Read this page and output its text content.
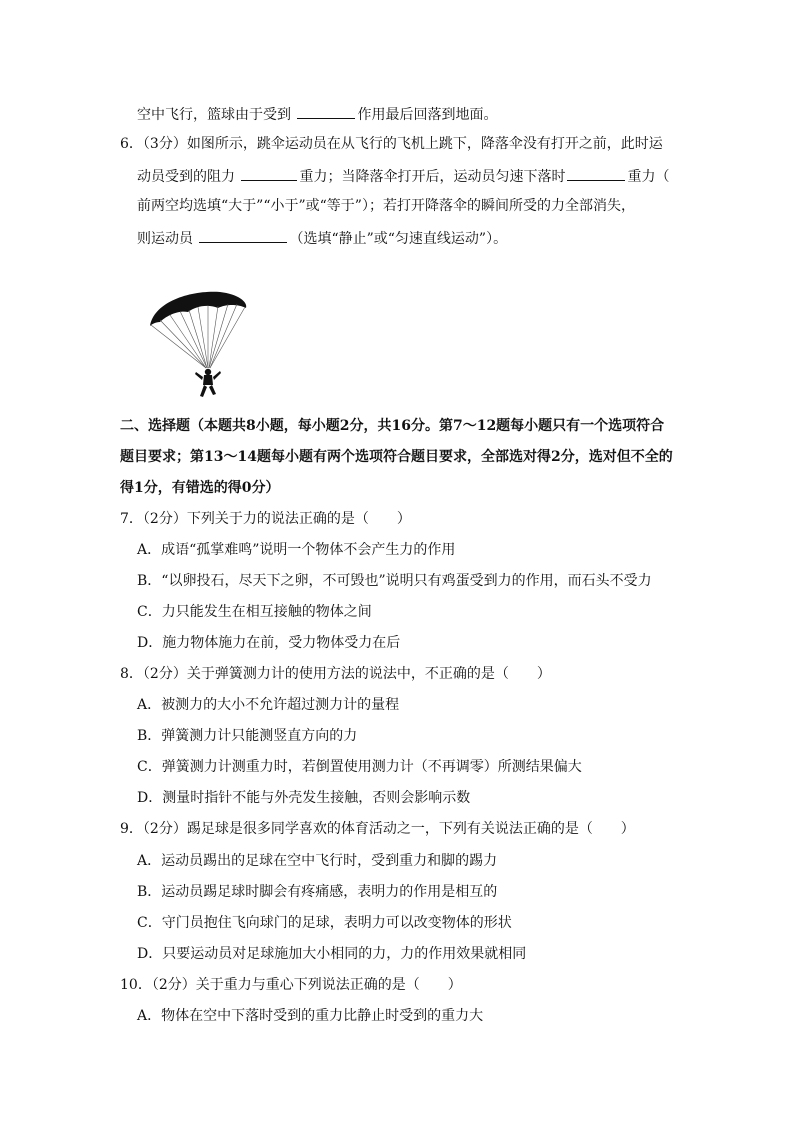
空中飞行，篮球由于受到	作用最后回落到地面。
6．（3分）如图所示，跳伞运动员在从飞行的飞机上跳下，降落伞没有打开之前，此时运
动员受到的阻力	重力；当降落伞打开后，运动员匀速下落时	重力（
前两空均选填“大于”“小于”或“等于”）；若打开降落伞的瞬间所受的力全部消失，
则运动员	（选填“静止”或“匀速直线运动”）。
二、选择题（本题共8小题，每小题2分，共16分。第7～12题每小题只有一个选项符合
题目要求；第13～14题每小题有两个选项符合题目要求，全部选对得2分，选对但不全的
得1分，有错选的得0分）
7．（2分）下列关于力的说法正确的是（　　）
A．成语“孤掌难鸣”说明一个物体不会产生力的作用
B．“以卵投石，尽天下之卵，不可毁也”说明只有鸡蛋受到力的作用，而石头不受力
C．力只能发生在相互接触的物体之间
D．施力物体施力在前，受力物体受力在后
8．（2分）关于弹簧测力计的使用方法的说法中，不正确的是（　　）
A．被测力的大小不允许超过测力计的量程
B．弹簧测力计只能测竖直方向的力
C．弹簧测力计测重力时，若倒置使用测力计（不再调零）所测结果偏大
D．测量时指针不能与外壳发生接触，否则会影响示数
9．（2分）踢足球是很多同学喜欢的体育活动之一，下列有关说法正确的是（　　）
A．运动员踢出的足球在空中飞行时，受到重力和脚的踢力
B．运动员踢足球时脚会有疼痛感，表明力的作用是相互的
C．守门员抱住飞向球门的足球，表明力可以改变物体的形状
D．只要运动员对足球施加大小相同的力，力的作用效果就相同
10．（2分）关于重力与重心下列说法正确的是（　　）
A．物体在空中下落时受到的重力比静止时受到的重力大
